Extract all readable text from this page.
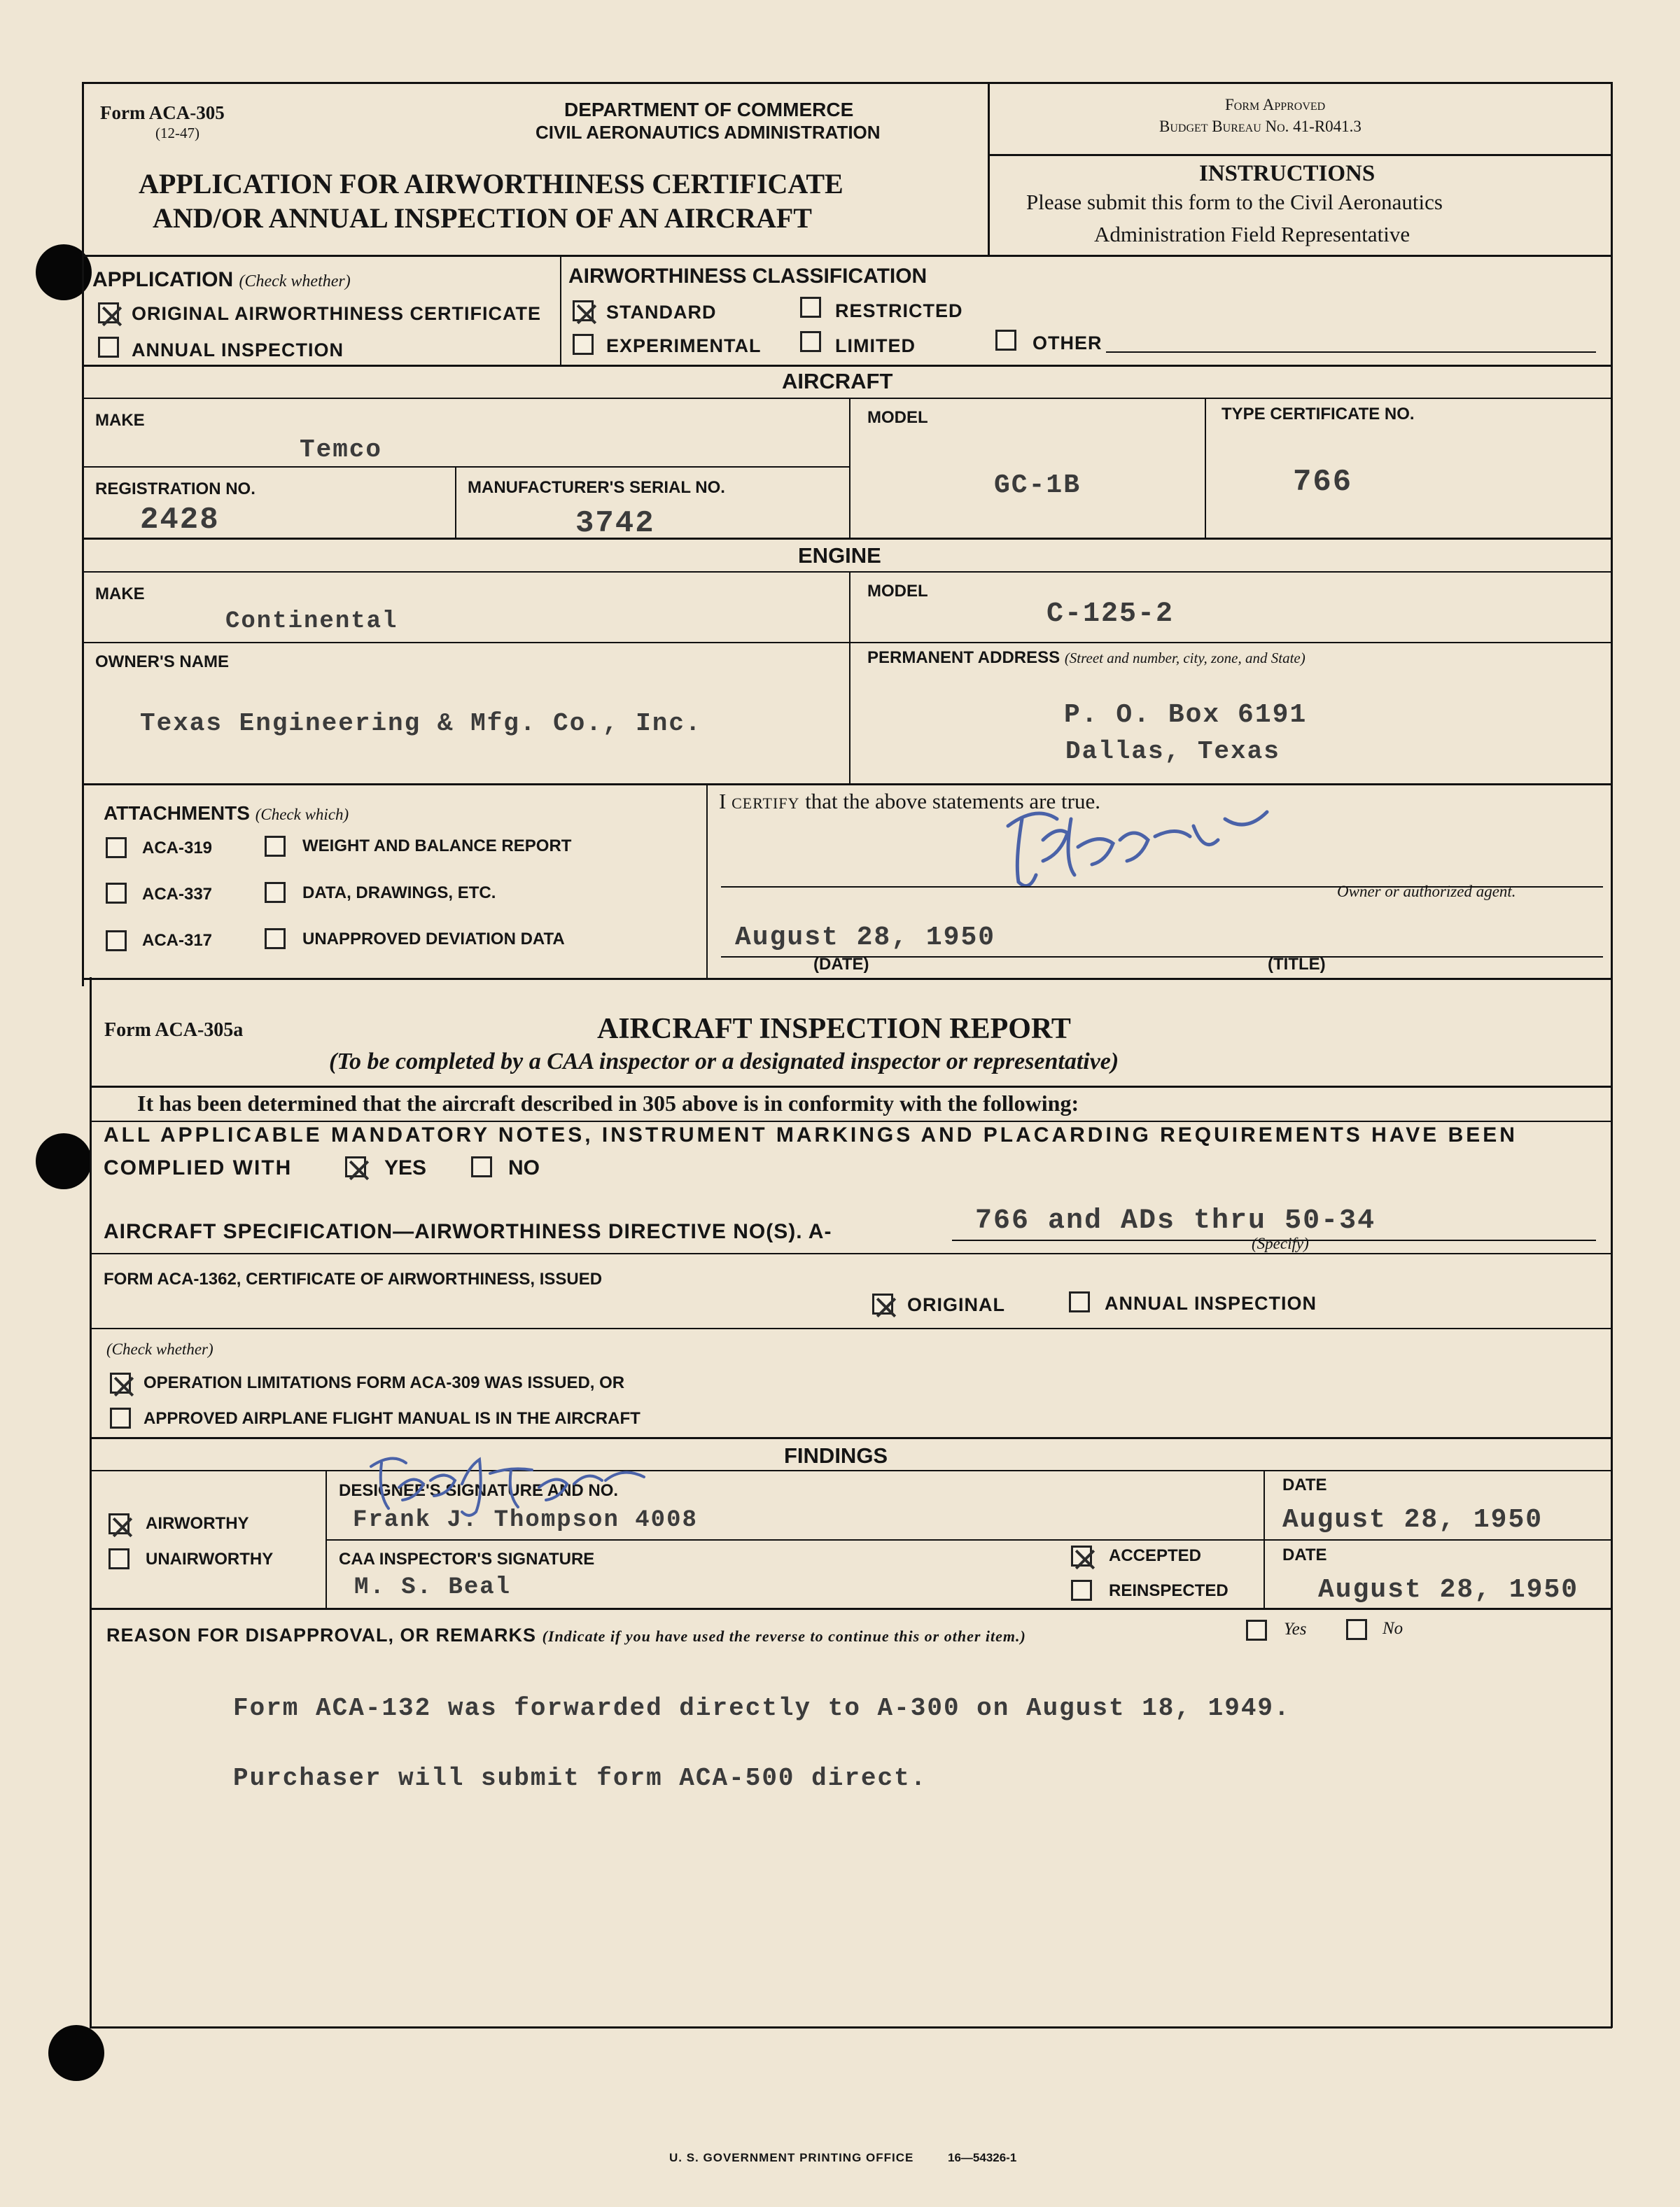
Form ACA-305
(12-47)
DEPARTMENT OF COMMERCE
CIVIL AERONAUTICS ADMINISTRATION
APPLICATION FOR AIRWORTHINESS CERTIFICATE
AND/OR ANNUAL INSPECTION OF AN AIRCRAFT
Form Approved
Budget Bureau No. 41-R041.3
INSTRUCTIONS
Please submit this form to the Civil Aeronautics
Administration Field Representative
APPLICATION (Check whether)
ORIGINAL AIRWORTHINESS CERTIFICATE
ANNUAL INSPECTION
AIRWORTHINESS CLASSIFICATION
STANDARD	RESTRICTED
EXPERIMENTAL	LIMITED	OTHER
AIRCRAFT
MAKE
Temco
MODEL
GC-1B
TYPE CERTIFICATE NO.
766
REGISTRATION NO.
2428
MANUFACTURER'S SERIAL NO.
3742
ENGINE
MAKE
Continental
MODEL
C-125-2
OWNER'S NAME
Texas Engineering & Mfg. Co., Inc.
PERMANENT ADDRESS (Street and number, city, zone, and State)
P. O. Box 6191
Dallas, Texas
ATTACHMENTS (Check which)
ACA-319	WEIGHT AND BALANCE REPORT
ACA-337	DATA, DRAWINGS, ETC.
ACA-317	UNAPPROVED DEVIATION DATA
I certify that the above statements are true.
Owner or authorized agent.
August 28, 1950
(DATE)	(TITLE)
Form ACA-305a	AIRCRAFT INSPECTION REPORT
(To be completed by a CAA inspector or a designated inspector or representative)
It has been determined that the aircraft described in 305 above is in conformity with the following:
ALL APPLICABLE MANDATORY NOTES, INSTRUMENT MARKINGS AND PLACARDING REQUIREMENTS HAVE BEEN
COMPLIED WITH	YES	NO
AIRCRAFT SPECIFICATION—AIRWORTHINESS DIRECTIVE NO(S). A-	766 and ADs thru 50-34
(Specify)
FORM ACA-1362, CERTIFICATE OF AIRWORTHINESS, ISSUED
ORIGINAL	ANNUAL INSPECTION
(Check whether)
OPERATION LIMITATIONS FORM ACA-309 WAS ISSUED, OR
APPROVED AIRPLANE FLIGHT MANUAL IS IN THE AIRCRAFT
FINDINGS
AIRWORTHY
UNAIRWORTHY
DESIGNEE'S SIGNATURE AND NO.
Frank J. Thompson 4008
CAA INSPECTOR'S SIGNATURE
M. S. Beal
ACCEPTED
REINSPECTED
DATE
August 28, 1950
DATE
August 28, 1950
REASON FOR DISAPPROVAL, OR REMARKS (Indicate if you have used the reverse to continue this or other item.)	Yes	No
Form ACA-132 was forwarded directly to A-300 on August 18, 1949.
Purchaser will submit form ACA-500 direct.
U. S. GOVERNMENT PRINTING OFFICE	16—54326-1
